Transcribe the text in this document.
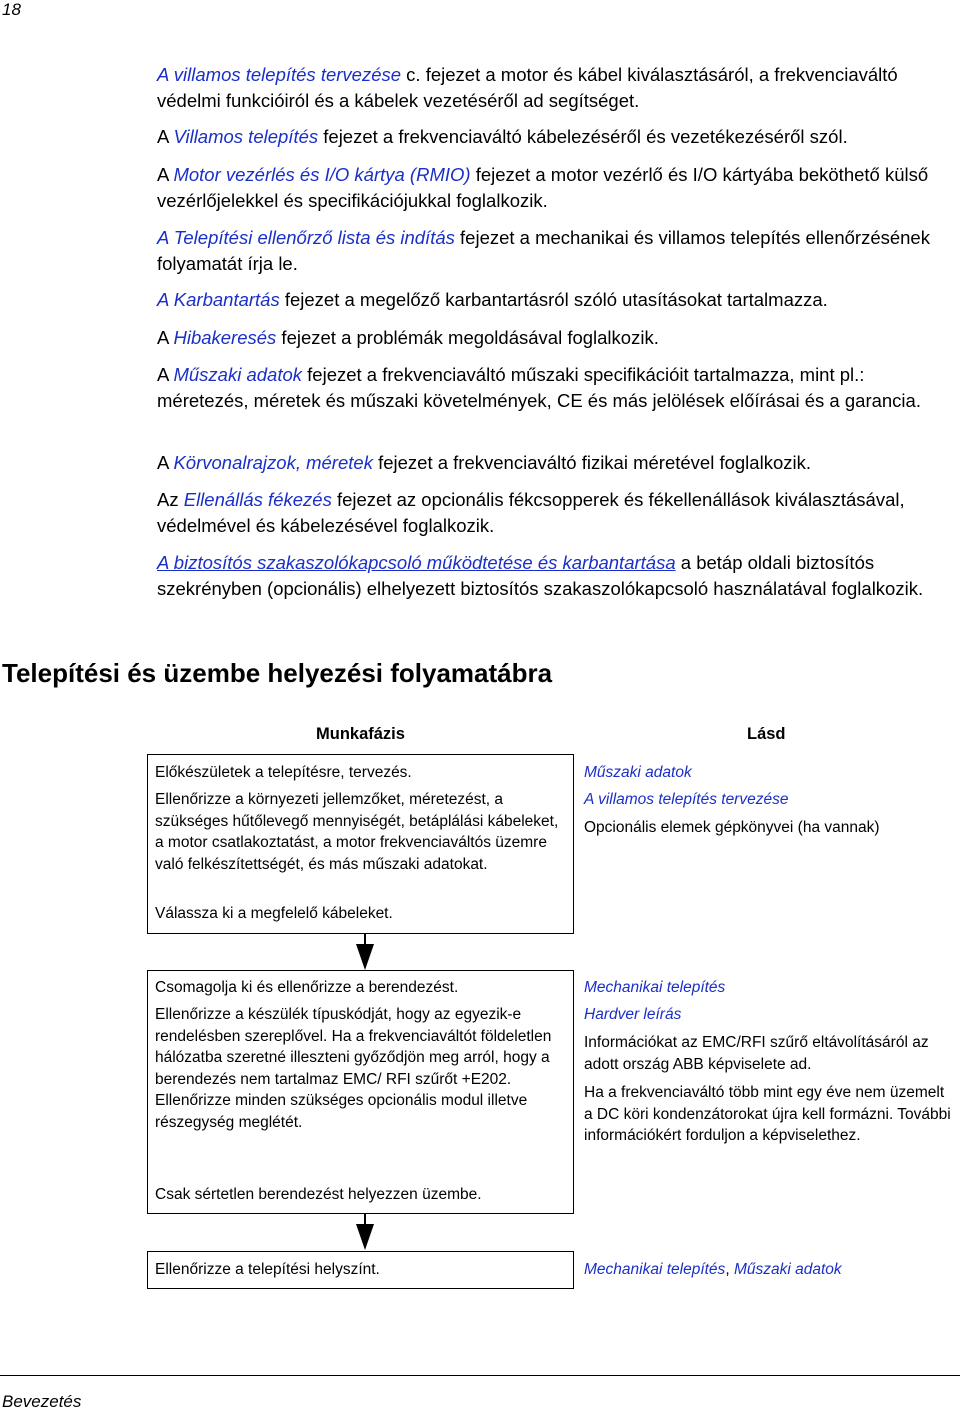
18

A villamos telepítés tervezése c. fejezet a motor és kábel kiválasztásáról, a frekvenciaváltó védelmi funkcióiról és a kábelek vezetéséről ad segítséget.

A Villamos telepítés fejezet a frekvenciaváltó kábelezéséről és vezetékezéséről szól.

A Motor vezérlés és I/O kártya (RMIO) fejezet a motor vezérlő és I/O kártyába beköthető külső vezérlőjelekkel és specifikációjukkal foglalkozik.

A Telepítési ellenőrző lista és indítás fejezet a mechanikai és villamos telepítés ellenőrzésének folyamatát írja le.

A Karbantartás fejezet a megelőző karbantartásról szóló utasításokat tartalmazza.

A Hibakeresés fejezet a problémák megoldásával foglalkozik.

A Műszaki adatok fejezet a frekvenciaváltó műszaki specifikációit tartalmazza, mint pl.: méretezés, méretek és műszaki követelmények, CE és más jelölések előírásai és a garancia.

A Körvonalrajzok, méretek fejezet a frekvenciaváltó fizikai méretével foglalkozik.

Az Ellenállás fékezés fejezet az opcionális fékcsopperek és fékellenállások kiválasztásával, védelmével és kábelezésével foglalkozik.

A biztosítós szakaszolókapcsoló működtetése és karbantartása a betáp oldali biztosítós szekrényben (opcionális) elhelyezett biztosítós szakaszolókapcsoló használatával foglalkozik.

Telepítési és üzembe helyezési folyamatábra
Munkafázis	Lásd

Előkészületek a telepítésre, tervezés.

Ellenőrizze a környezeti jellemzőket, méretezést, a szükséges hűtőlevegő mennyiségét, betáplálási kábeleket, a motor csatlakoztatást, a motor frekvenciaváltós üzemre való felkészítettségét, és más műszaki adatokat.

Válassza ki a megfelelő kábeleket.

Műszaki adatok

A villamos telepítés tervezése

Opcionális elemek gépkönyvei (ha vannak)

Csomagolja ki és ellenőrizze a berendezést.

Ellenőrizze a készülék típuskódját, hogy az egyezik-e rendelésben szereplővel. Ha a frekvenciaváltót földeletlen hálózatba szeretné illeszteni győződjön meg arról, hogy a berendezés nem tartalmaz EMC/ RFI szűrőt +E202. Ellenőrizze minden szükséges opcionális modul illetve részegység meglétét.

Csak sértetlen berendezést helyezzen üzembe.

Mechanikai telepítés

Hardver leírás

Információkat az EMC/RFI szűrő eltávolításáról az adott ország ABB képviselete ad.

Ha a frekvenciaváltó több mint egy éve nem üzemelt a DC köri kondenzátorokat újra kell formázni. További információkért forduljon a képviselethez.

Ellenőrizze a telepítési helyszínt.	Mechanikai telepítés, Műszaki adatok

Bevezetés
